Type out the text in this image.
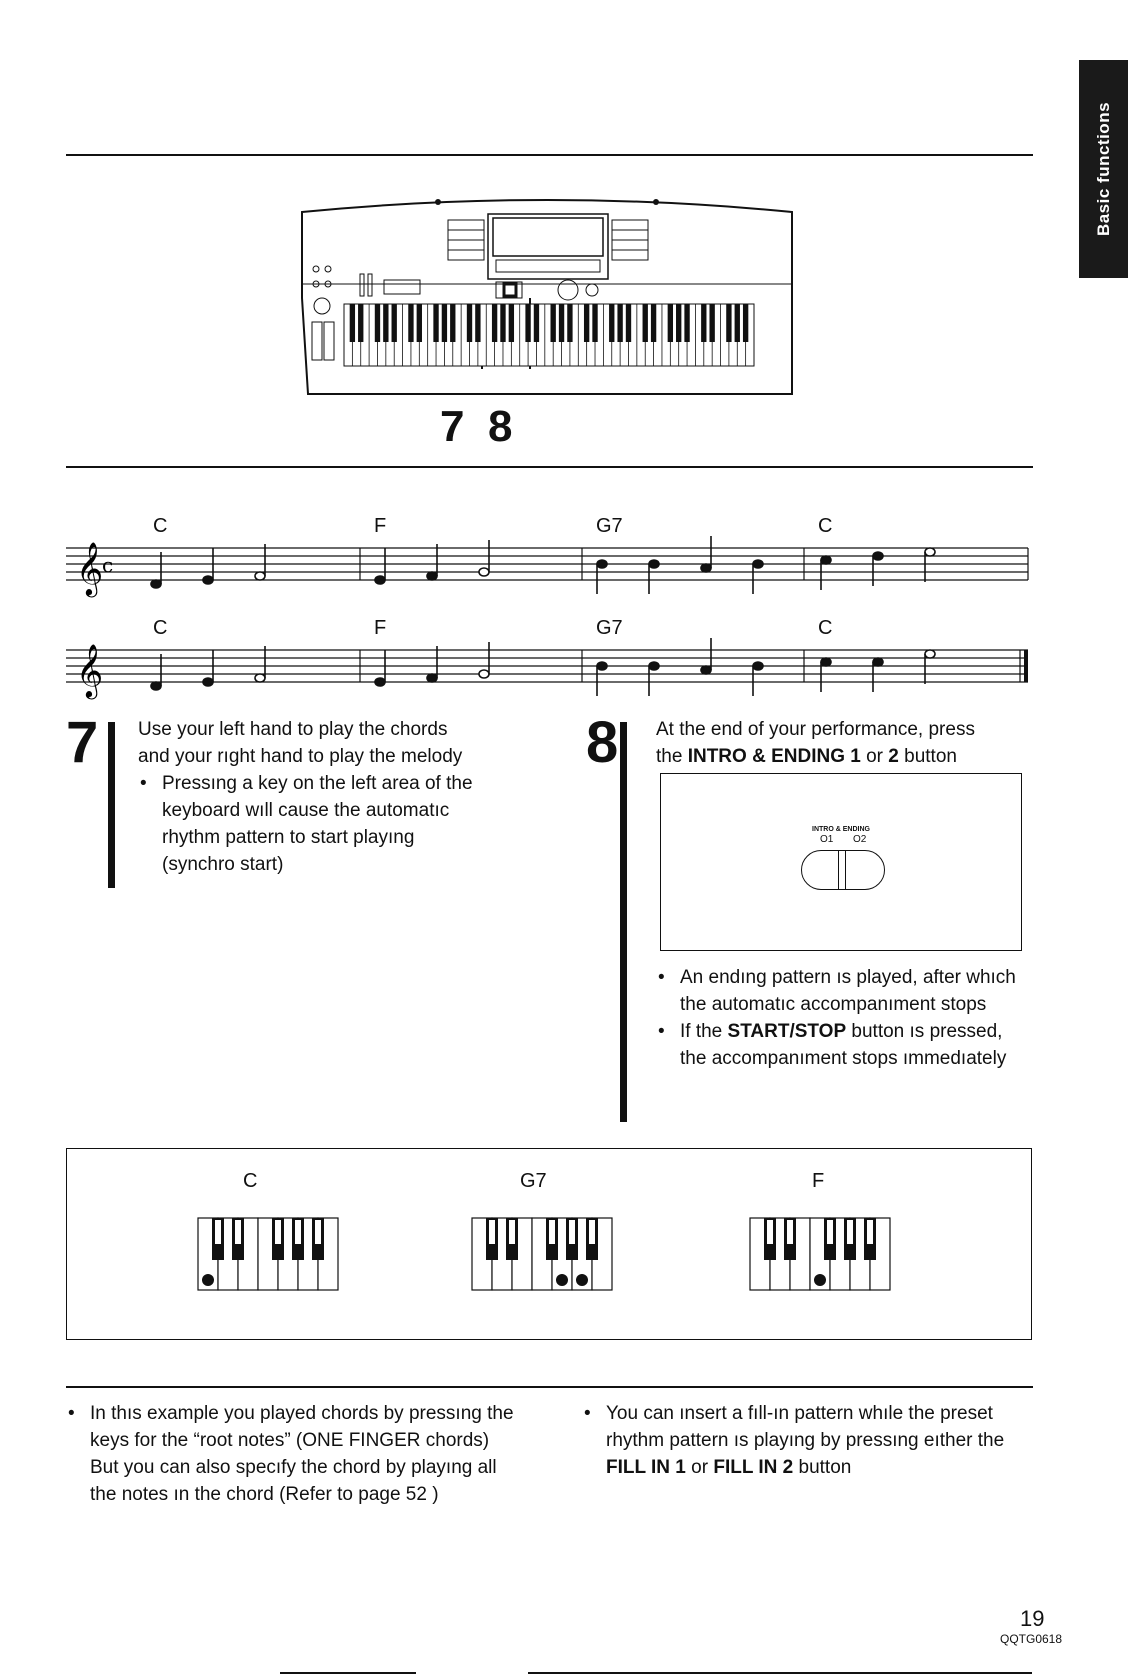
Basic functions
7 8
C	F	G7	C
𝄞
c
C	F	G7	C
𝄞
7 Use your left hand to play the chords

and your rıght hand to play the melody

• Pressıng a key on the left area of the keyboard wıll cause the automatıc rhythm pattern to start playıng (synchro start)

8 At the end of your performance, press

the INTRO & ENDING 1 or 2 button

INTRO & ENDING
O1 O2

• An endıng pattern ıs played, after whıch the automatıc accompanıment stops

• If the START/STOP button ıs pressed, the accompanıment stops ımmedıately

C	G7	F

• In thıs example you played chords by pressıng the keys for the “root notes” (ONE FINGER chords) But you can also specıfy the chord by playıng all the notes ın the chord (Refer to page 52 )

• You can ınsert a fıll-ın pattern whıle the preset rhythm pattern ıs playıng by pressıng eıther the FILL IN 1 or FILL IN 2 button

19
QQTG0618
